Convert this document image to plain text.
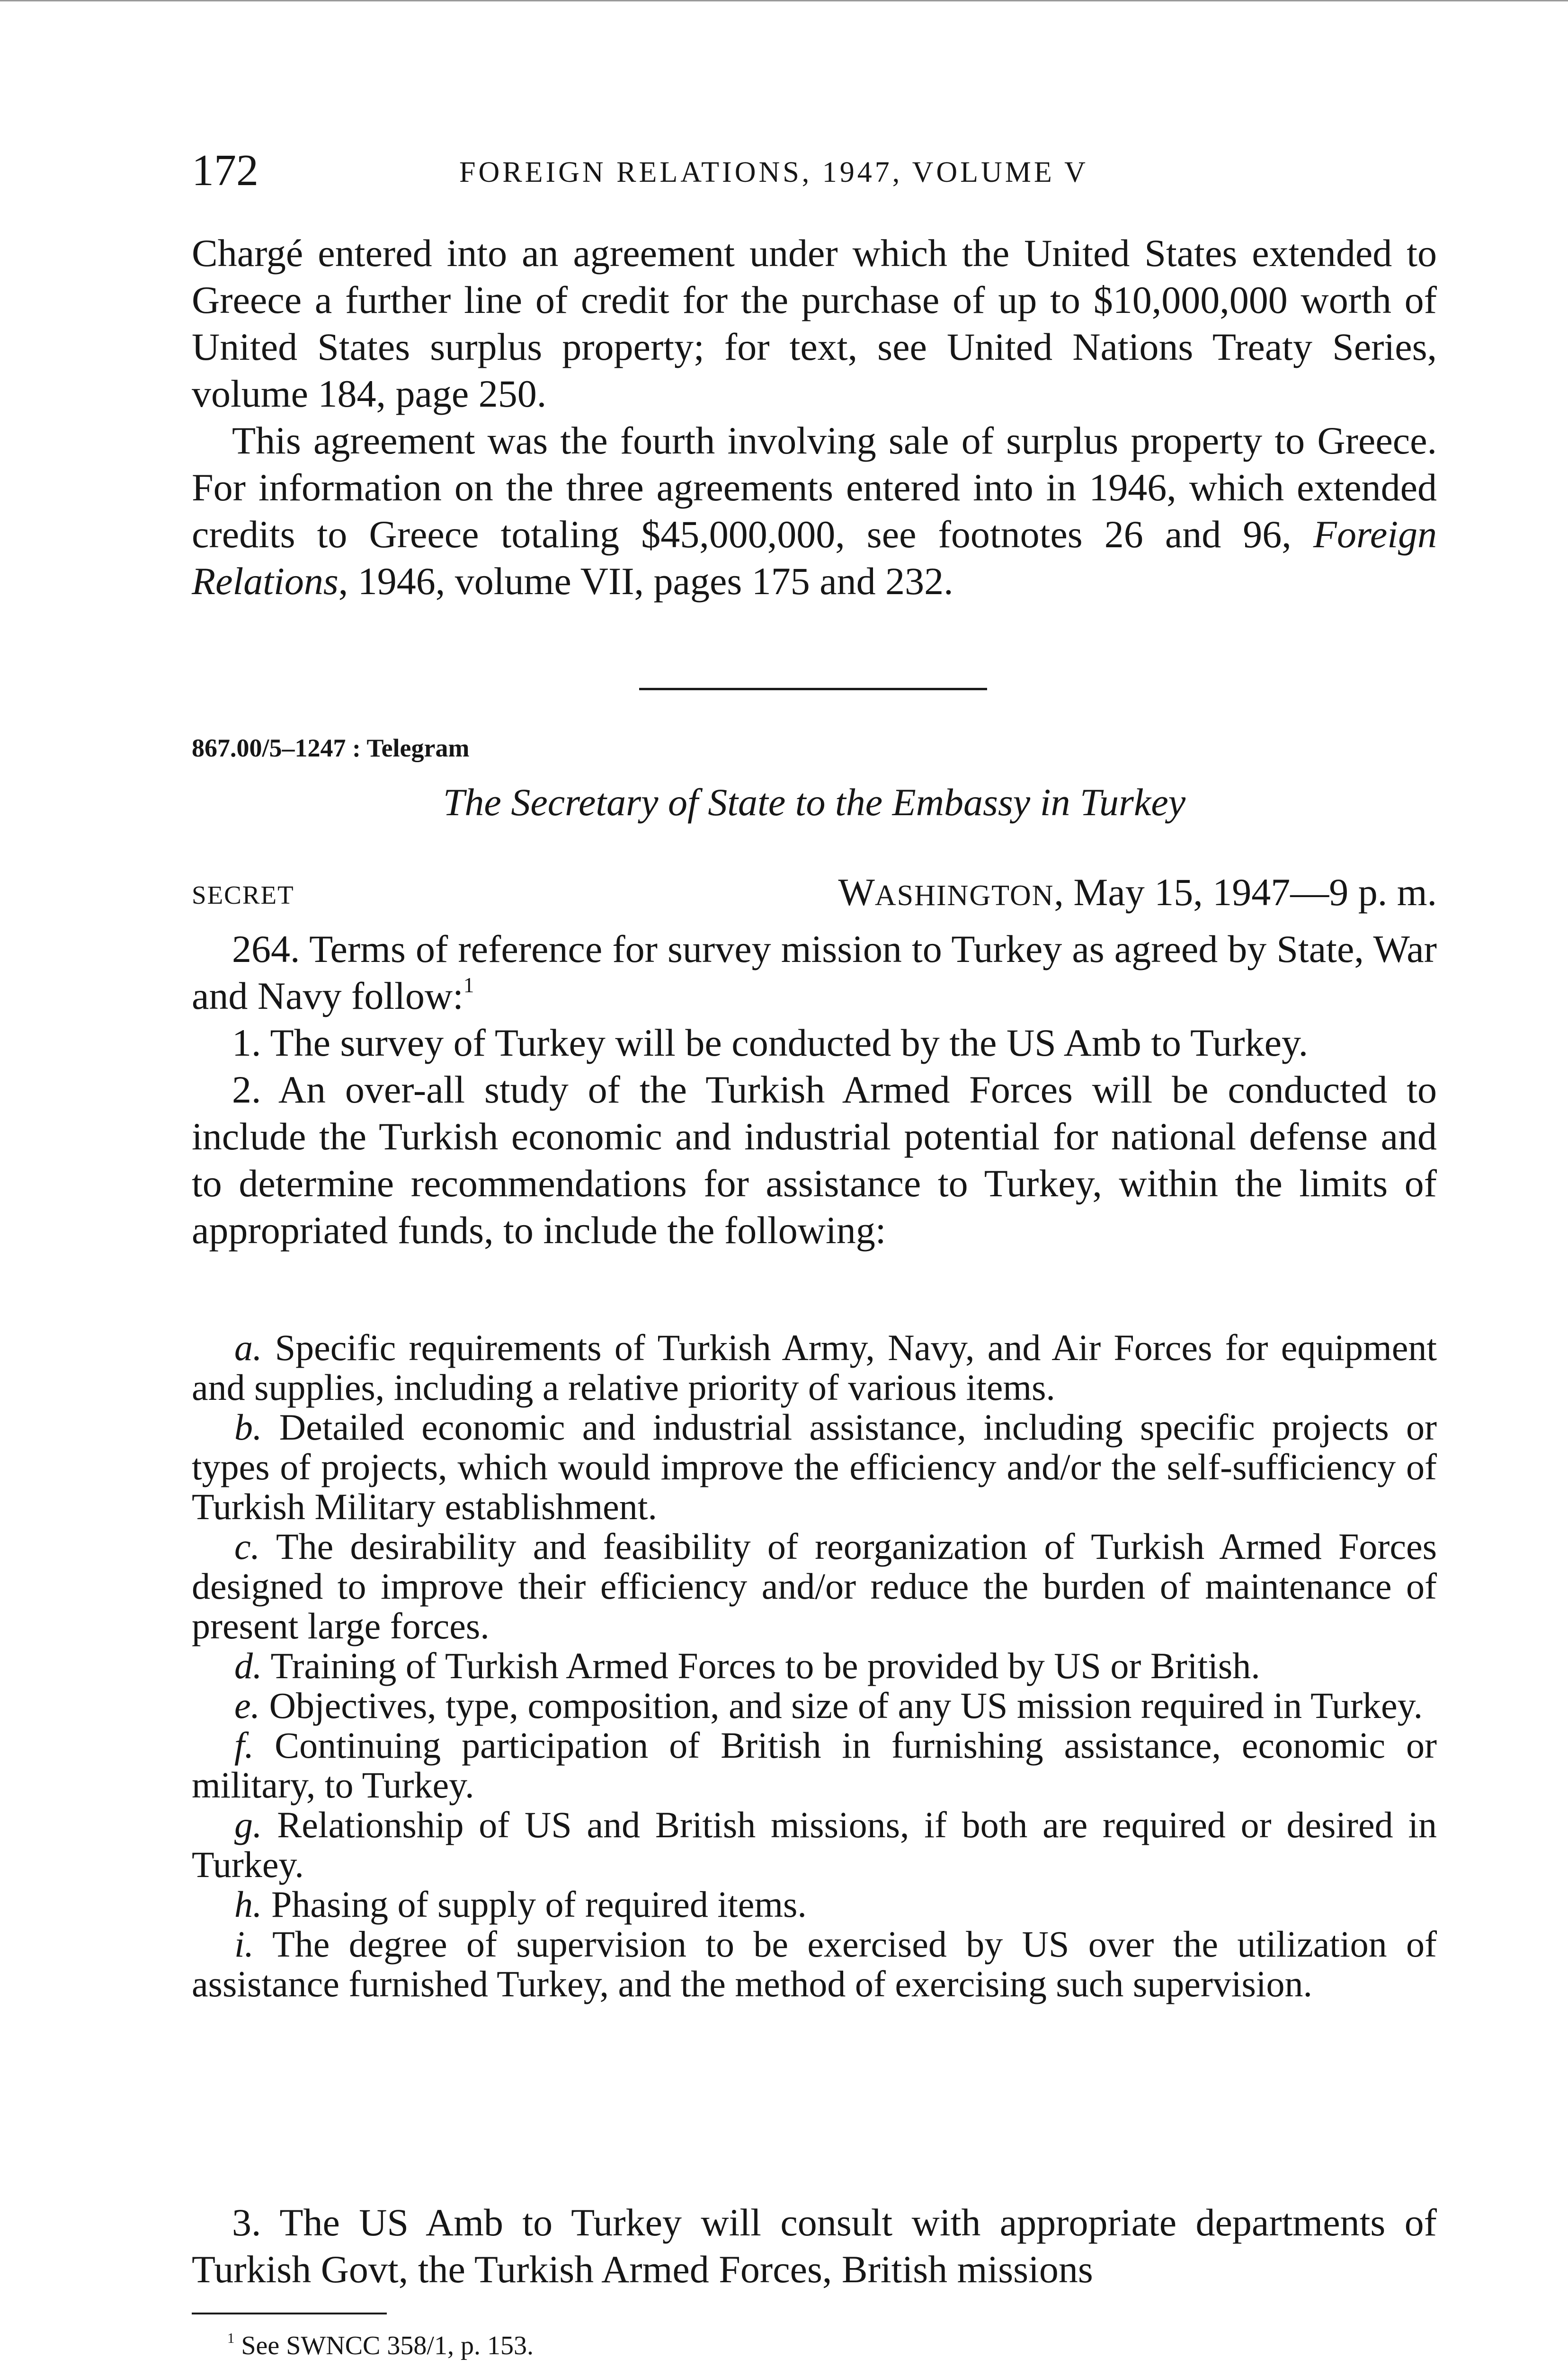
172	FOREIGN RELATIONS, 1947, VOLUME V

Chargé entered into an agreement under which the United States extended to Greece a further line of credit for the purchase of up to $10,000,000 worth of United States surplus property; for text, see United Nations Treaty Series, volume 184, page 250.

This agreement was the fourth involving sale of surplus property to Greece. For information on the three agreements entered into in 1946, which extended credits to Greece totaling $45,000,000, see footnotes 26 and 96, Foreign Relations, 1946, volume VII, pages 175 and 232.

867.00/5–1247 : Telegram
The Secretary of State to the Embassy in Turkey
SECRET	WASHINGTON, May 15, 1947—9 p. m.

264. Terms of reference for survey mission to Turkey as agreed by State, War and Navy follow:$^1$

1. The survey of Turkey will be conducted by the US Amb to Turkey.

2. An over-all study of the Turkish Armed Forces will be conducted to include the Turkish economic and industrial potential for national defense and to determine recommendations for assistance to Turkey, within the limits of appropriated funds, to include the following:

a. Specific requirements of Turkish Army, Navy, and Air Forces for equipment and supplies, including a relative priority of various items.

b. Detailed economic and industrial assistance, including specific projects or types of projects, which would improve the efficiency and/or the self-sufficiency of Turkish Military establishment.

c. The desirability and feasibility of reorganization of Turkish Armed Forces designed to improve their efficiency and/or reduce the burden of maintenance of present large forces.

d. Training of Turkish Armed Forces to be provided by US or British.

e. Objectives, type, composition, and size of any US mission required in Turkey.

f. Continuing participation of British in furnishing assistance, economic or military, to Turkey.

g. Relationship of US and British missions, if both are required or desired in Turkey.

h. Phasing of supply of required items.

i. The degree of supervision to be exercised by US over the utilization of assistance furnished Turkey, and the method of exercising such supervision.

3. The US Amb to Turkey will consult with appropriate departments of Turkish Govt, the Turkish Armed Forces, British missions

$^1$ See SWNCC 358/1, p. 153.
